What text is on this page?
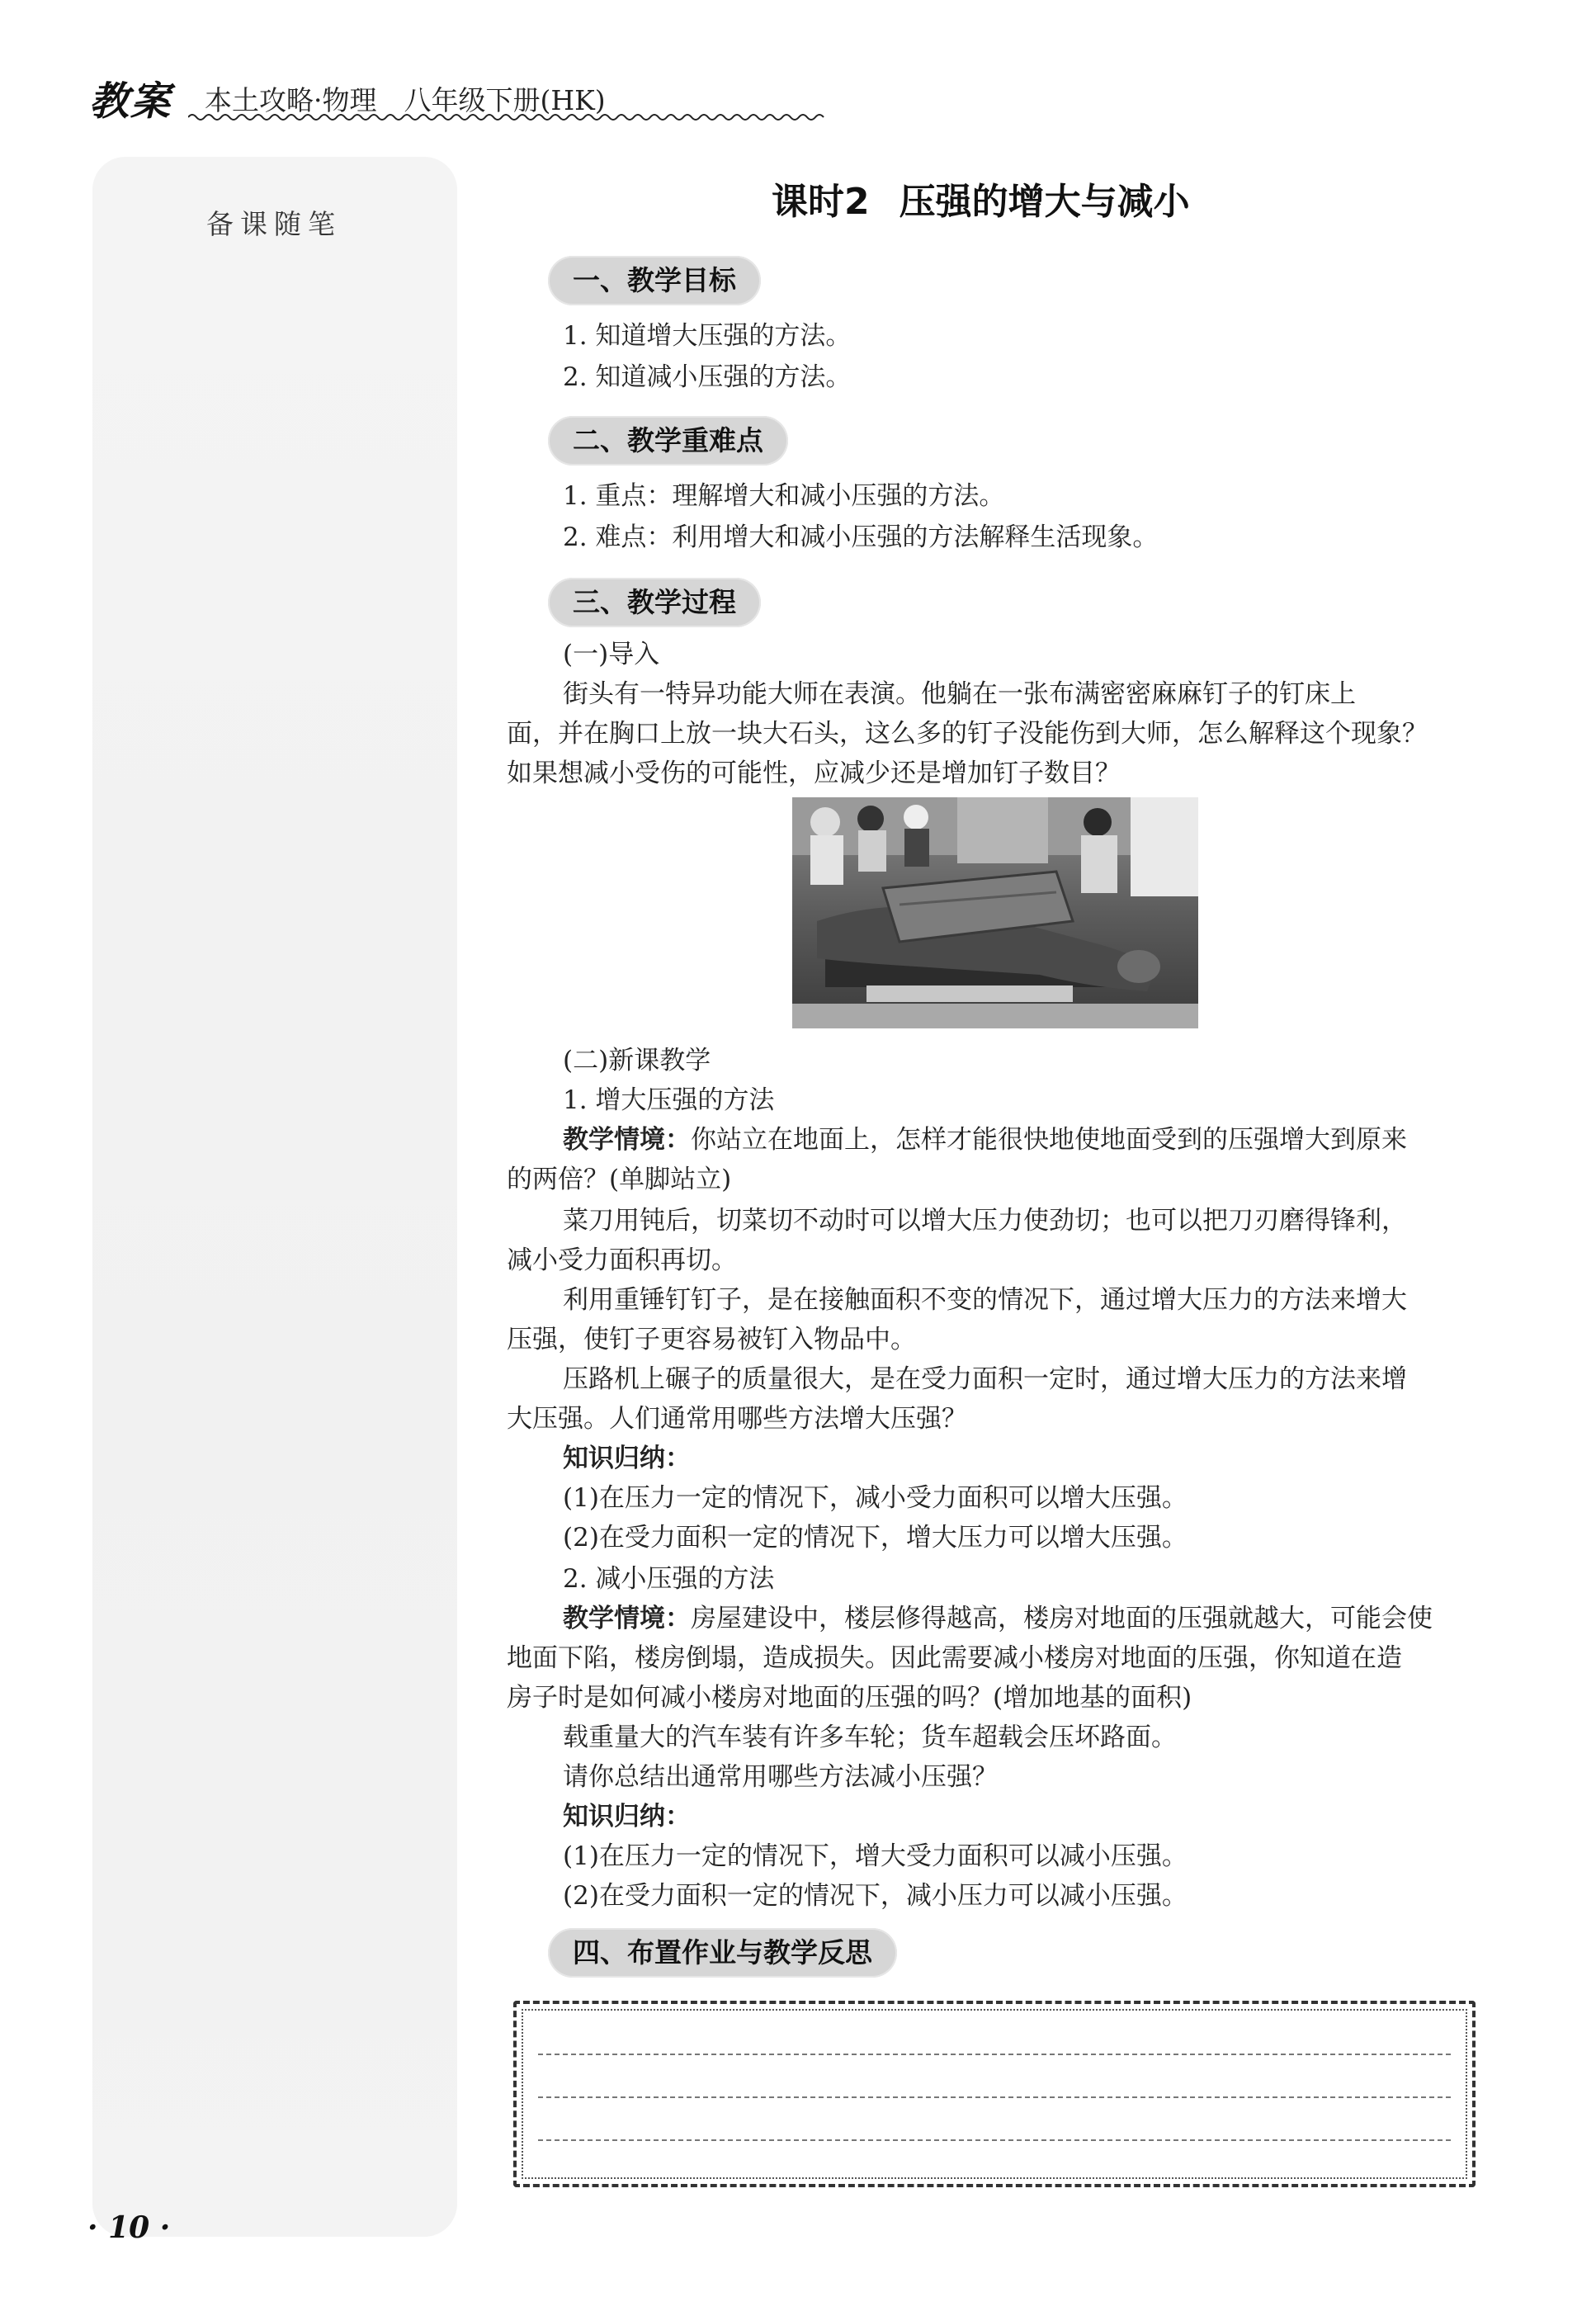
教案 本土攻略·物理　八年级下册(HK)
备课随笔
课时2 压强的增大与减小
一、教学目标
1. 知道增大压强的方法。
2. 知道减小压强的方法。
二、教学重难点
1. 重点：理解增大和减小压强的方法。
2. 难点：利用增大和减小压强的方法解释生活现象。
三、教学过程
(一)导入
街头有一特异功能大师在表演。他躺在一张布满密密麻麻钉子的钉床上
面，并在胸口上放一块大石头，这么多的钉子没能伤到大师，怎么解释这个现象？
如果想减小受伤的可能性，应减少还是增加钉子数目？
(二)新课教学
1. 增大压强的方法
教学情境：你站立在地面上，怎样才能很快地使地面受到的压强增大到原来
的两倍？(单脚站立)
菜刀用钝后，切菜切不动时可以增大压力使劲切；也可以把刀刃磨得锋利，
减小受力面积再切。
利用重锤钉钉子，是在接触面积不变的情况下，通过增大压力的方法来增大
压强，使钉子更容易被钉入物品中。
压路机上碾子的质量很大，是在受力面积一定时，通过增大压力的方法来增
大压强。人们通常用哪些方法增大压强？
知识归纳：
(1)在压力一定的情况下，减小受力面积可以增大压强。
(2)在受力面积一定的情况下，增大压力可以增大压强。
2. 减小压强的方法
教学情境：房屋建设中，楼层修得越高，楼房对地面的压强就越大，可能会使
地面下陷，楼房倒塌，造成损失。因此需要减小楼房对地面的压强，你知道在造
房子时是如何减小楼房对地面的压强的吗？(增加地基的面积)
载重量大的汽车装有许多车轮；货车超载会压坏路面。
请你总结出通常用哪些方法减小压强？
知识归纳：
(1)在压力一定的情况下，增大受力面积可以减小压强。
(2)在受力面积一定的情况下，减小压力可以减小压强。
四、布置作业与教学反思
· 10 ·
